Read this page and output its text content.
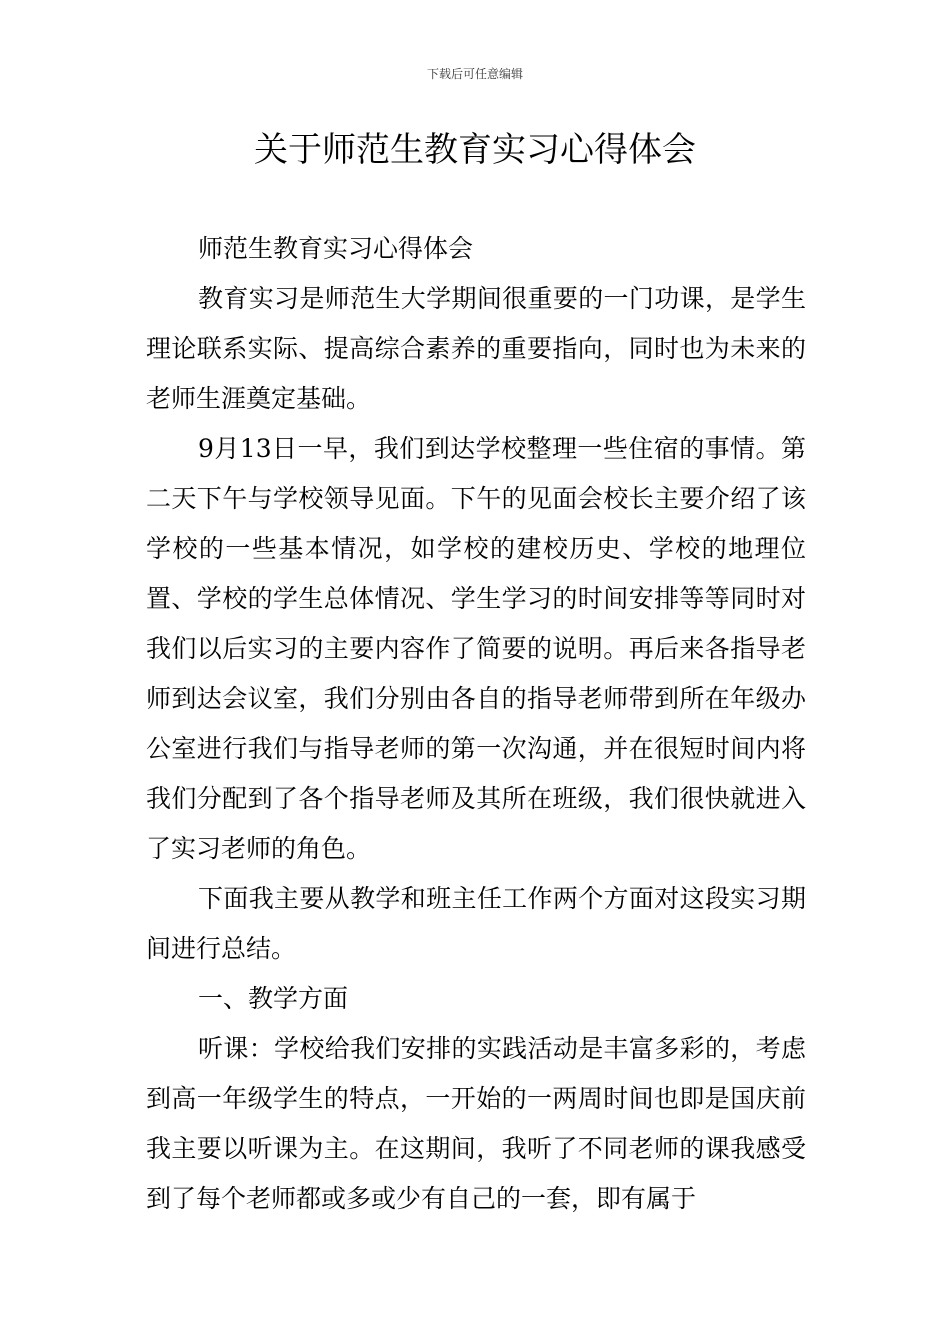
下载后可任意编辑
关于师范生教育实习心得体会

师范生教育实习心得体会

教育实习是师范生大学期间很重要的一门功课，是学生理论联系实际、提高综合素养的重要指向，同时也为未来的老师生涯奠定基础。

9月13日一早，我们到达学校整理一些住宿的事情。第二天下午与学校领导见面。下午的见面会校长主要介绍了该学校的一些基本情况，如学校的建校历史、学校的地理位置、学校的学生总体情况、学生学习的时间安排等等同时对我们以后实习的主要内容作了简要的说明。再后来各指导老师到达会议室，我们分别由各自的指导老师带到所在年级办公室进行我们与指导老师的第一次沟通，并在很短时间内将我们分配到了各个指导老师及其所在班级，我们很快就进入了实习老师的角色。

下面我主要从教学和班主任工作两个方面对这段实习期间进行总结。

一、教学方面

听课：学校给我们安排的实践活动是丰富多彩的，考虑到高一年级学生的特点，一开始的一两周时间也即是国庆前我主要以听课为主。在这期间，我听了不同老师的课我感受到了每个老师都或多或少有自己的一套，即有属于
